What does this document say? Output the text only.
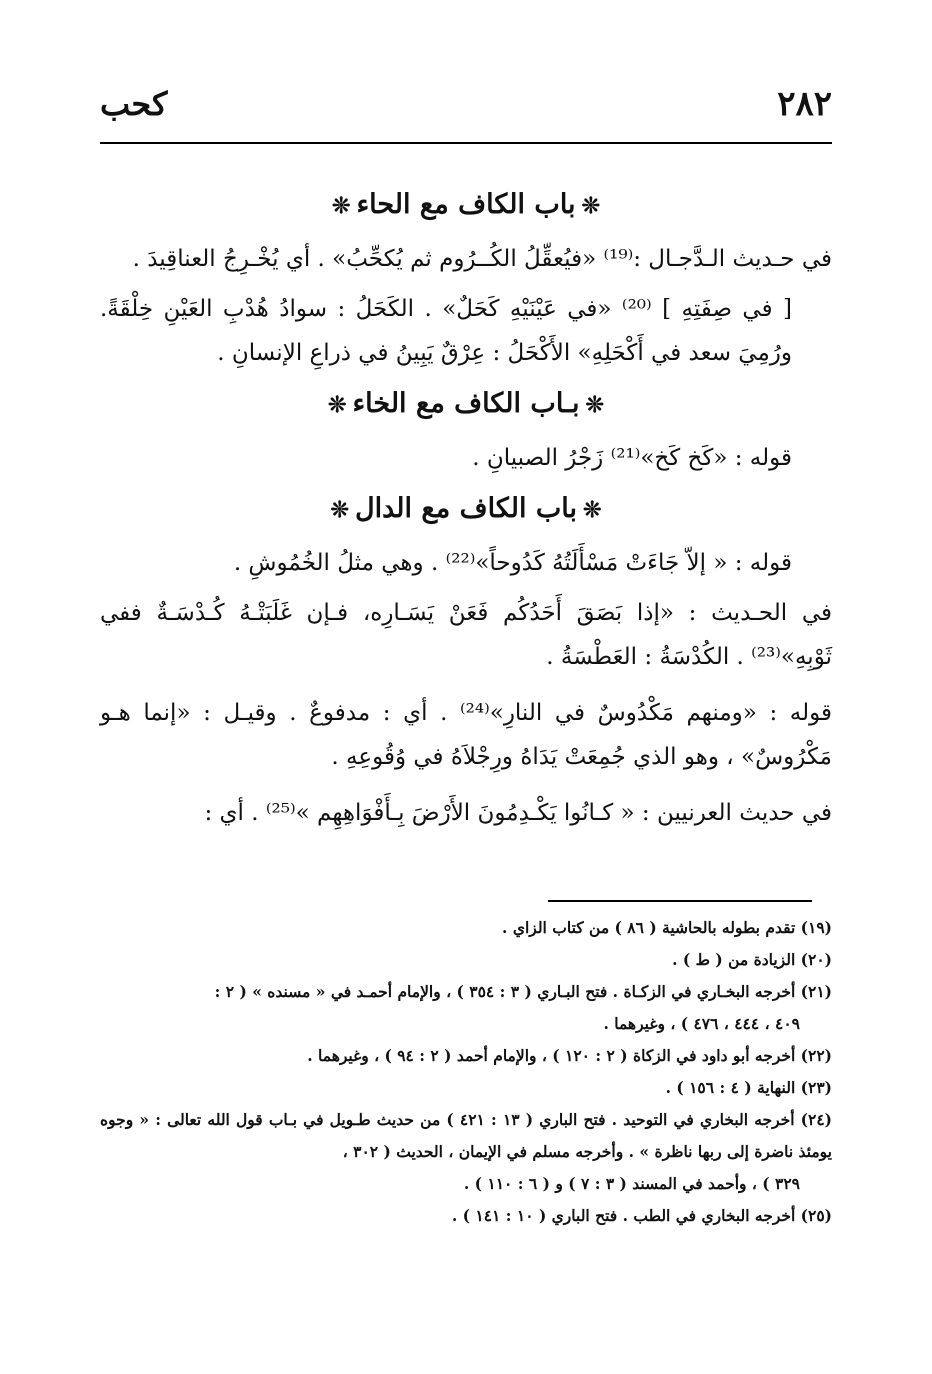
٢٨٢
كحب
❊باب الكاف مع الحاء❊

في حـديث الـدَّجـال :⁽¹⁹⁾ «فيُعقِّلُ الكُــرُوم ثم يُكحِّبُ» . أي يُخْـرِجُ العناقِيدَ .

[ في صِفَتِهِ ] ⁽²⁰⁾ «في عَيْنَيْهِ كَحَلٌ» . الكَحَلُ : سوادُ هُدْبِ العَيْنِ خِلْقَةً. ورُمِيَ سعد في أَكْحَلِهِ» الأَكْحَلُ : عِرْقٌ يَبِينُ في ذراعِ الإنسانِ .

❊بـاب الكاف مع الخاء❊

قوله : «كَخ كَخ»⁽²¹⁾ زَجْرُ الصبيانِ .

❊باب الكاف مع الدال❊

قوله : « إلاّ جَاءَتْ مَسْأَلَتُهُ كَدُوحاً»⁽²²⁾ . وهي مثلُ الخُمُوشِ .

في الحـديث : «إذا بَصَقَ أَحَدُكُم فَعَنْ يَسَـارِه، فـإن غَلَبَتْـهُ كُـدْسَـةٌ ففي ثَوْبِهِ»⁽²³⁾ . الكُدْسَةُ : العَطْسَةُ .

قوله : «ومنهم مَكْدُوسٌ في النارِ»⁽²⁴⁾ . أي : مدفوعٌ . وقيـل : «إنما هـو مَكْرُوسٌ» ، وهو الذي جُمِعَتْ يَدَاهُ ورِجْلاَهُ في وُقُوعِهِ .

في حديث العرنيين : « كـانُوا يَكْـدِمُونَ الأَرْضَ بِـأَفْوَاهِهِم »⁽²⁵⁾ . أي :

(١٩) تقدم بطوله بالحاشية ( ٨٦ ) من كتاب الزاي .

(٢٠) الزيادة من ( ط ) .

(٢١) أخرجه البخـاري في الزكـاة . فتح البـاري ( ٣ : ٣٥٤ ) ، والإمام أحمـد في « مسنده » ( ٢ :
٤٠٩ ، ٤٤٤ ، ٤٧٦ ) ، وغيرهما .

(٢٢) أخرجه أبو داود في الزكاة ( ٢ : ١٢٠ ) ، والإمام أحمد ( ٢ : ٩٤ ) ، وغيرهما .

(٢٣) النهاية ( ٤ : ١٥٦ ) .

(٢٤) أخرجه البخاري في التوحيد . فتح الباري ( ١٣ : ٤٢١ ) من حديث طـويل في بـاب قول الله تعالى : « وجوه يومئذ ناضرة إلى ربها ناظرة » . وأخرجه مسلم في الإيمان ، الحديث ( ٣٠٢ ،
٣٢٩ ) ، وأحمد في المسند ( ٣ : ٧ ) و ( ٦ : ١١٠ ) .

(٢٥) أخرجه البخاري في الطب . فتح الباري ( ١٠ : ١٤١ ) .
